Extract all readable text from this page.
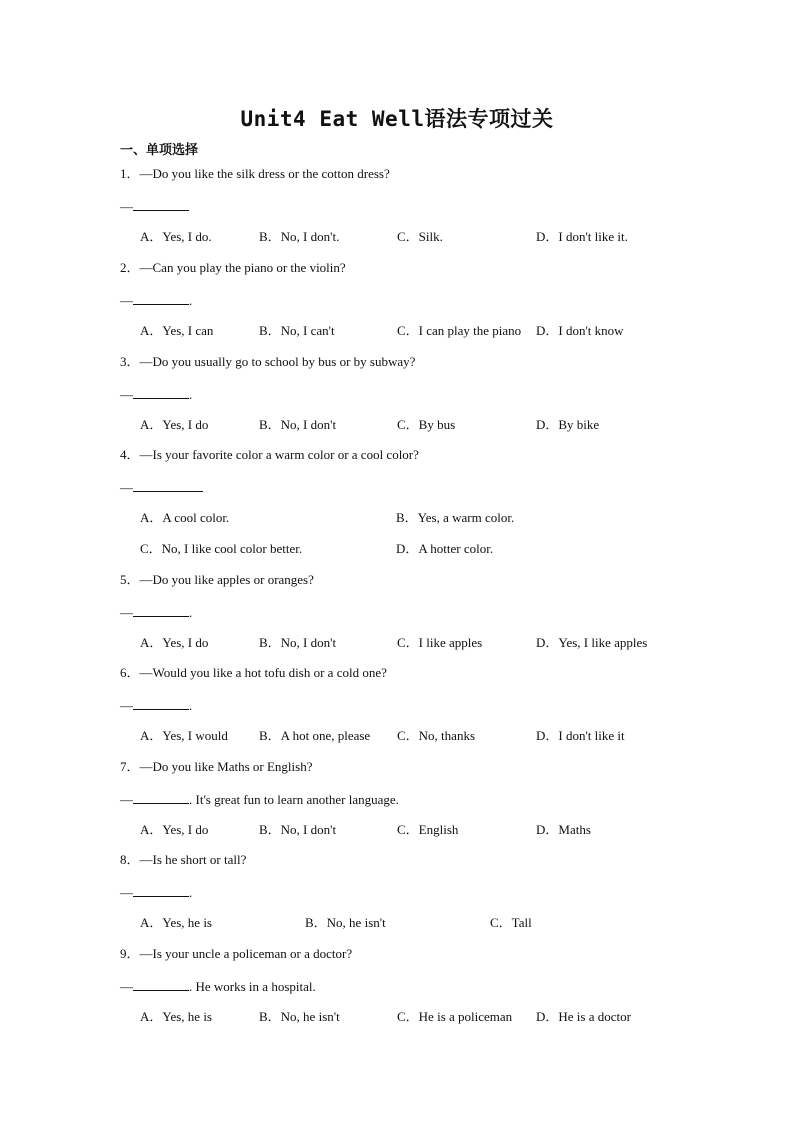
Unit4 Eat Well语法专项过关
一、单项选择
1．—Do you like the silk dress or the cotton dress?
—
A．Yes, I do.	B．No, I don't.	C．Silk.	D．I don't like it.
2．—Can you play the piano or the violin?
—	.
A．Yes, I can	B．No, I can't	C．I can play the piano D．I don't know
3．—Do you usually go to school by bus or by subway?
—	.
A．Yes, I do	B．No, I don't	C．By bus	D．By bike
4．—Is your favorite color a warm color or a cool color?
—
A．A cool color.	B．Yes, a warm color.
C．No, I like cool color better.	D．A hotter color.
5．—Do you like apples or oranges?
—	.
A．Yes, I do	B．No, I don't	C．I like apples	D．Yes, I like apples
6．—Would you like a hot tofu dish or a cold one?
—	.
A．Yes, I would B．A hot one, please C．No, thanks	D．I don't like it
7．—Do you like Maths or English?
—	. It's great fun to learn another language.
A．Yes, I do	B．No, I don't	C．English	D．Maths
8．—Is he short or tall?
—	.
A．Yes, he is	B．No, he isn't	C．Tall
9．—Is your uncle a policeman or a doctor?
—	. He works in a hospital.
A．Yes, he is	B．No, he isn't	C．He is a policeman D．He is a doctor
